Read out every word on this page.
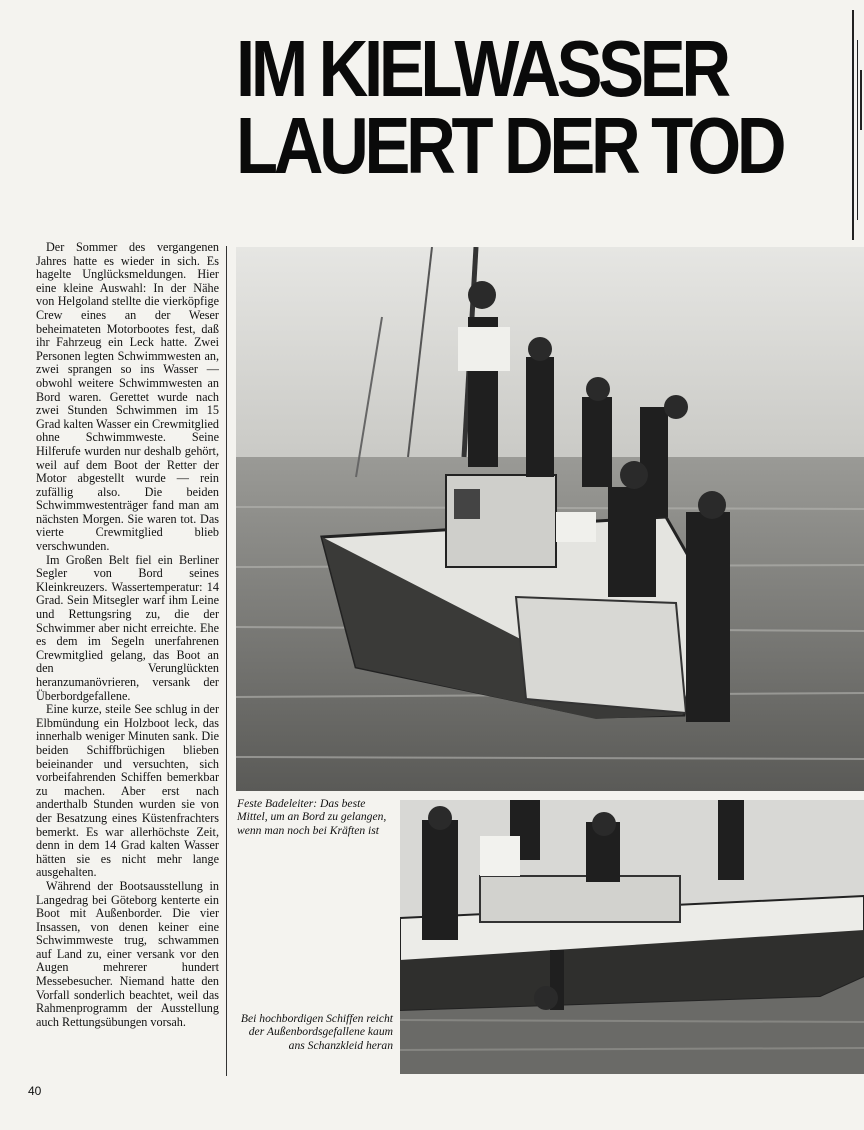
IM KIELWASSER
LAUERT DER TOD

Der Sommer des vergangenen Jahres hatte es wieder in sich. Es hagelte Unglücksmeldungen. Hier eine kleine Auswahl: In der Nähe von Helgoland stellte die vierköpfige Crew eines an der Weser beheimateten Motorbootes fest, daß ihr Fahrzeug ein Leck hatte. Zwei Personen legten Schwimmwesten an, zwei sprangen so ins Wasser — obwohl weitere Schwimmwesten an Bord waren. Gerettet wurde nach zwei Stunden Schwimmen im 15 Grad kalten Wasser ein Crewmitglied ohne Schwimmweste. Seine Hilferufe wurden nur deshalb gehört, weil auf dem Boot der Retter der Motor abgestellt wurde — rein zufällig also. Die beiden Schwimmwestenträger fand man am nächsten Morgen. Sie waren tot. Das vierte Crewmitglied blieb verschwunden.

Im Großen Belt fiel ein Berliner Segler von Bord seines Kleinkreuzers. Wassertemperatur: 14 Grad. Sein Mitsegler warf ihm Leine und Rettungsring zu, die der Schwimmer aber nicht erreichte. Ehe es dem im Segeln unerfahrenen Crewmitglied gelang, das Boot an den Verunglückten heranzumanövrieren, versank der Überbordgefallene.

Eine kurze, steile See schlug in der Elbmündung ein Holzboot leck, das innerhalb weniger Minuten sank. Die beiden Schiffbrüchigen blieben beieinander und versuchten, sich vorbeifahrenden Schiffen bemerkbar zu machen. Aber erst nach anderthalb Stunden wurden sie von der Besatzung eines Küstenfrachters bemerkt. Es war allerhöchste Zeit, denn in dem 14 Grad kalten Wasser hätten sie es nicht mehr lange ausgehalten.

Während der Bootsausstellung in Langedrag bei Göteborg kenterte ein Boot mit Außenborder. Die vier Insassen, von denen keiner eine Schwimmweste trug, schwammen auf Land zu, einer versank vor den Augen mehrerer hundert Messebesucher. Niemand hatte den Vorfall sonderlich beachtet, weil das Rahmenprogramm der Ausstellung auch Rettungsübungen vorsah.

Feste Badeleiter: Das beste Mittel, um an Bord zu gelangen, wenn man noch bei Kräften ist

Bei hochbordigen Schiffen reicht der Außenbordsgefallene kaum ans Schanzkleid heran

40
